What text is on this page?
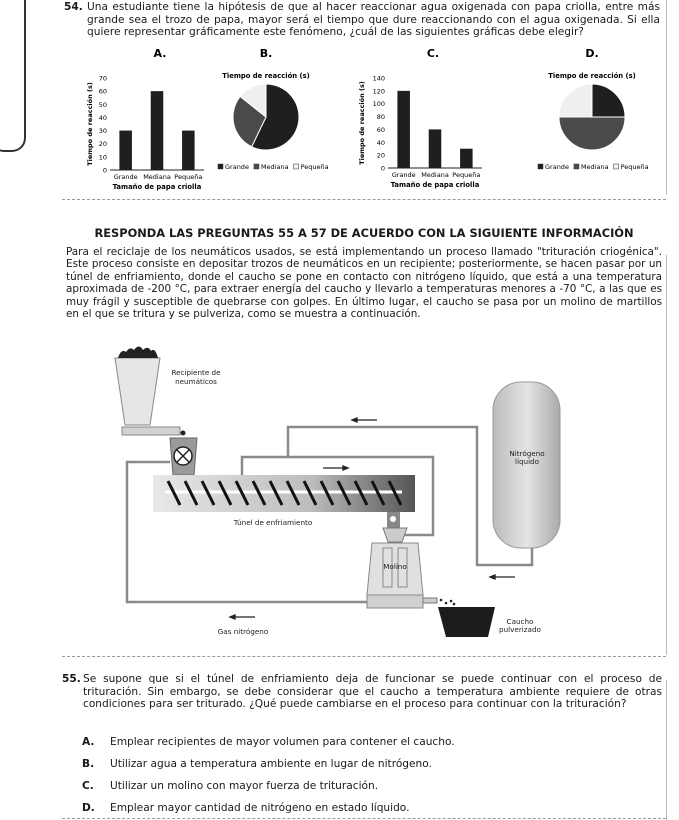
54. Una estudiante tiene la hipótesis de que al hacer reaccionar agua oxigenada con papa criolla, entre más grande sea el trozo de papa, mayor será el tiempo que dure reaccionando con el agua oxigenada. Si ella quiere representar gráficamente este fenómeno, ¿cuál de las siguientes gráficas debe elegir?
A.	B.	C.	D.
0
10
20
30
40
50
60
70
Grande Mediana Pequeña
Tamaño de papa criolla
Tiempo de reacción (s)
Tiempo de reacción (s)
Grande Mediana Pequeña	0
20
40
60
80
100
120
140
Grande Mediana Pequeña
Tamaño de papa criolla
Tiempo de reacción (s)
Tiempo de reacción (s)
Grande Mediana Pequeña
RESPONDA LAS PREGUNTAS 55 A 57 DE ACUERDO CON LA SIGUIENTE INFORMACIÓN
Para el reciclaje de los neumáticos usados, se está implementando un proceso llamado "trituración criogénica". Este proceso consiste en depositar trozos de neumáticos en un recipiente; posteriormente, se hacen pasar por un túnel de enfriamiento, donde el caucho se pone en contacto con nitrógeno líquido, que está a una temperatura aproximada de -200 °C, para extraer energía del caucho y llevarlo a temperaturas menores a -70 °C, a las que es muy frágil y susceptible de quebrarse con golpes. En último lugar, el caucho se pasa por un molino de martillos en el que se tritura y se pulveriza, como se muestra a continuación.
Recipiente de
neumáticos
Túnel de enfriamiento
Nitrógeno
líquido
Molino
Caucho
pulverizado
Gas nitrógeno
55. Se supone que si el túnel de enfriamiento deja de funcionar se puede continuar con el proceso de trituración. Sin embargo, se debe considerar que el caucho a temperatura ambiente requiere de otras condiciones para ser triturado. ¿Qué puede cambiarse en el proceso para continuar con la trituración?
A. Emplear recipientes de mayor volumen para contener el caucho.
B. Utilizar agua a temperatura ambiente en lugar de nitrógeno.
C. Utilizar un molino con mayor fuerza de trituración.
D. Emplear mayor cantidad de nitrógeno en estado líquido.
